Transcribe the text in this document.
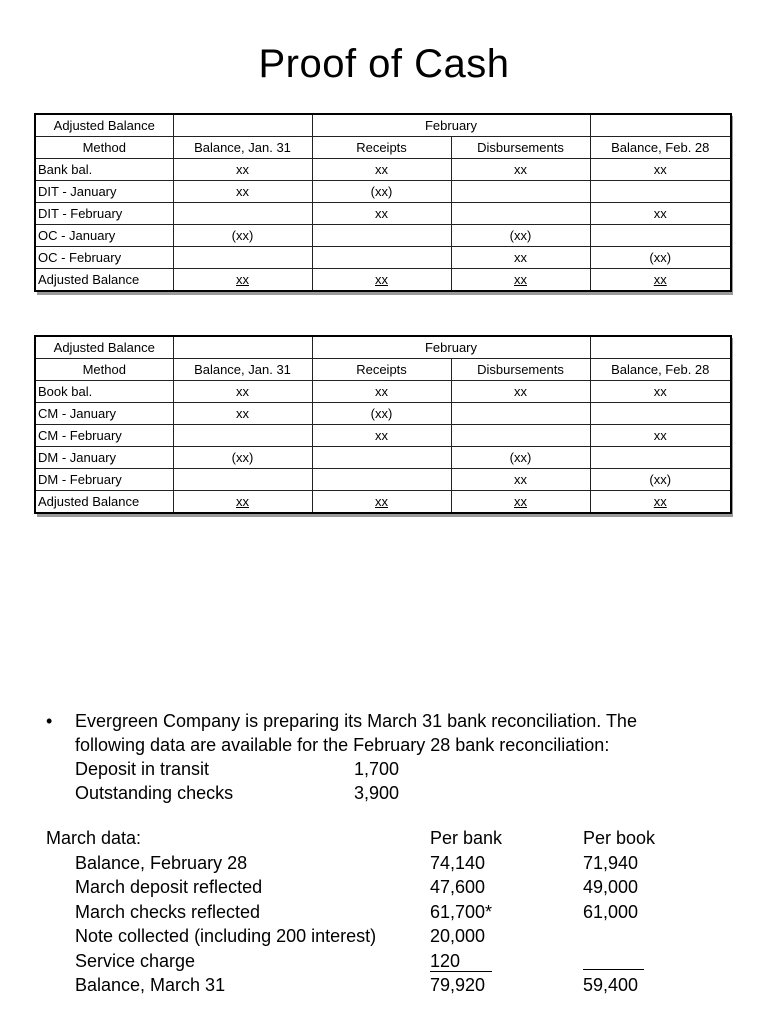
Proof of Cash
Adjusted Balance		February		
Method	Balance, Jan. 31	Receipts	Disbursements	Balance, Feb. 28
Bank bal.	xx	xx	xx	xx
DIT - January	xx	(xx)		
DIT - February		xx		xx
OC - January	(xx)		(xx)	
OC - February			xx	(xx)
Adjusted Balance	xx	xx	xx	xx
Adjusted Balance		February		
Method	Balance, Jan. 31	Receipts	Disbursements	Balance, Feb. 28
Book bal.	xx	xx	xx	xx
CM - January	xx	(xx)		
CM - February		xx		xx
DM - January	(xx)		(xx)	
DM - February			xx	(xx)
Adjusted Balance	xx	xx	xx	xx
• Evergreen Company is preparing its March 31 bank reconciliation. The
following data are available for the February 28 bank reconciliation:
Deposit in transit	1,700
Outstanding checks	3,900
March data:	Per bank	Per book
Balance, February 28	74,140	71,940
March deposit reflected	47,600	49,000
March checks reflected	61,700*	61,000
Note collected (including 200 interest)	20,000
Service charge	120
Balance, March 31	79,920	59,400
